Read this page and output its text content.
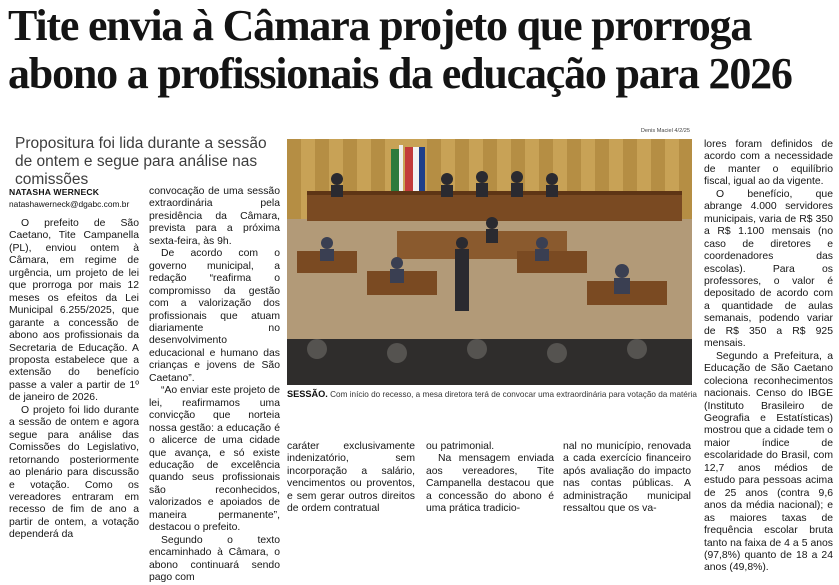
Tite envia à Câmara projeto que prorroga
abono a profissionais da educação para 2026
Propositura foi lida durante a sessão de ontem e segue para análise nas comissões
NATASHA WERNECK
natashawerneck@dgabc.com.br

O prefeito de São Caetano, Tite Campanella (PL), enviou ontem à Câmara, em regime de urgência, um projeto de lei que prorroga por mais 12 meses os efeitos da Lei Municipal 6.255/2025, que garante a concessão de abono aos profissionais da Secretaria de Educação. A proposta estabelece que a extensão do benefício passe a valer a partir de 1º de janeiro de 2026.

O projeto foi lido durante a sessão de ontem e agora segue para análise das Comissões do Legislativo, retornando posteriormente ao plenário para discussão e votação. Como os vereadores entraram em recesso de fim de ano a partir de ontem, a votação dependerá da

convocação de uma sessão extraordinária pela presidência da Câmara, prevista para a próxima sexta-feira, às 9h.

De acordo com o governo municipal, a redação “reafirma o compromisso da gestão com a valorização dos profissionais que atuam diariamente no desenvolvimento educacional e humano das crianças e jovens de São Caetano”.

“Ao enviar este projeto de lei, reafirmamos uma convicção que norteia nossa gestão: a educação é o alicerce de uma cidade que avança, e só existe educação de excelência quando seus profissionais são reconhecidos, valorizados e apoiados de maneira permanente”, destacou o prefeito.

Segundo o texto encaminhado à Câmara, o abono continuará sendo pago com

Denis Maciel 4/2/25
SESSÃO. Com início do recesso, a mesa diretora terá de convocar uma extraordinária para votação da matéria

caráter exclusivamente indenizatório, sem incorporação a salário, vencimentos ou proventos, e sem gerar outros direitos de ordem contratual

ou patrimonial.

Na mensagem enviada aos vereadores, Tite Campanella destacou que a concessão do abono é uma prática tradicio-

nal no município, renovada a cada exercício financeiro após avaliação do impacto nas contas públicas. A administração municipal ressaltou que os va-

lores foram definidos de acordo com a necessidade de manter o equilíbrio fiscal, igual ao da vigente.

O benefício, que abrange 4.000 servidores municipais, varia de R$ 350 a R$ 1.100 mensais (no caso de diretores e coordenadores das escolas). Para os professores, o valor é depositado de acordo com a quantidade de aulas semanais, podendo variar de R$ 350 a R$ 925 mensais.

Segundo a Prefeitura, a Educação de São Caetano coleciona reconhecimentos nacionais. Censo do IBGE (Instituto Brasileiro de Geografia e Estatísticas) mostrou que a cidade tem o maior índice de escolaridade do Brasil, com 12,7 anos médios de estudo para pessoas acima de 25 anos (contra 9,6 anos da média nacional); e as maiores taxas de frequência escolar bruta tanto na faixa de 4 a 5 anos (97,8%) quanto de 18 a 24 anos (49,8%).
